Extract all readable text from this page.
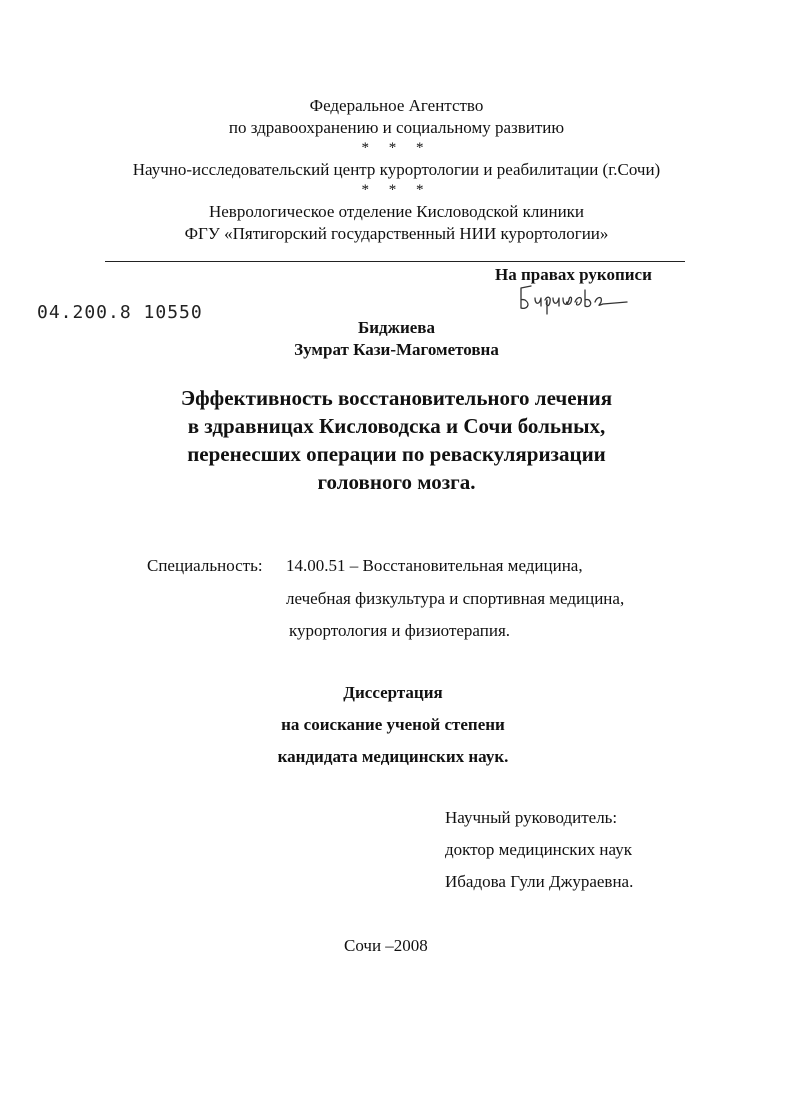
Федеральное Агентство
по здравоохранению и социальному развитию
* * *
Научно-исследовательский центр курортологии и реабилитации (г.Сочи)
* * *
Неврологическое отделение Кисловодской клиники
ФГУ «Пятигорский государственный НИИ курортологии»
На правах рукописи
04.200.8 10550
Биджиева
Зумрат Кази-Магометовна
Эффективность восстановительного лечения
в здравницах Кисловодска и Сочи больных,
перенесших операции по реваскуляризации
головного мозга.
Специальность: 14.00.51 – Восстановительная медицина,
лечебная физкультура и спортивная медицина,
курортология и физиотерапия.
Диссертация
на соискание ученой степени
кандидата медицинских наук.
Научный руководитель:
доктор медицинских наук
Ибадова Гули Джураевна.
Сочи –2008
